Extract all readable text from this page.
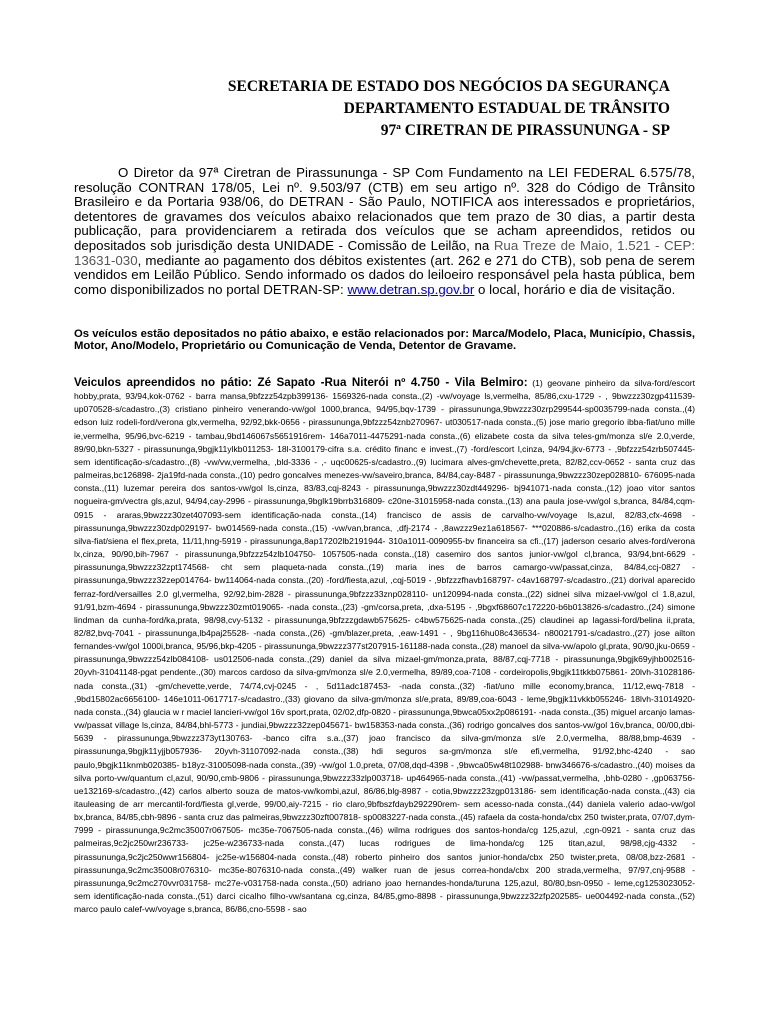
SECRETARIA DE ESTADO DOS NEGÓCIOS DA SEGURANÇA
DEPARTAMENTO ESTADUAL DE TRÂNSITO
97ª CIRETRAN DE PIRASSUNUNGA - SP
O Diretor da 97ª Ciretran de Pirassununga - SP Com Fundamento na LEI FEDERAL 6.575/78, resolução CONTRAN 178/05, Lei nº. 9.503/97 (CTB) em seu artigo nº. 328 do Código de Trânsito Brasileiro e da Portaria 938/06, do DETRAN - São Paulo, NOTIFICA aos interessados e proprietários, detentores de gravames dos veículos abaixo relacionados que tem prazo de 30 dias, a partir desta publicação, para providenciarem a retirada dos veículos que se acham apreendidos, retidos ou depositados sob jurisdição desta UNIDADE - Comissão de Leilão, na Rua Treze de Maio, 1.521 - CEP: 13631-030, mediante ao pagamento dos débitos existentes (art. 262 e 271 do CTB), sob pena de serem vendidos em Leilão Público. Sendo informado os dados do leiloeiro responsável pela hasta pública, bem como disponibilizados no portal DETRAN-SP: www.detran.sp.gov.br o local, horário e dia de visitação.
Os veículos estão depositados no pátio abaixo, e estão relacionados por: Marca/Modelo, Placa, Município, Chassis, Motor, Ano/Modelo, Proprietário ou Comunicação de Venda, Detentor de Gravame.
Veiculos apreendidos no pátio: Zé Sapato -Rua Niterói nº 4.750 - Vila Belmiro: (1) geovane pinheiro da silva-ford/escort hobby,prata, 93/94,kok-0762 - barra mansa,9bfzzz54zpb399136- 1569326-nada consta.,(2) -vw/voyage ls,vermelha, 85/86,cxu-1729 - , 9bwzzz30zgp411539- up070528-s/cadastro.,(3) cristiano pinheiro venerando-vw/gol 1000,branca, 94/95,bqv-1739 - pirassununga,9bwzzz30zrp299544-sp0035799-nada consta.,(4) edson luiz rodeli-ford/verona glx,vermelha, 92/92,bkk-0656 - pirassununga,9bfzzz54znb270967- ut030517-nada consta.,(5) jose mario gregorio ibba-fiat/uno mille ie,vermelha, 95/96,bvc-6219 - tambau,9bd146067s5651916rem- 146a7011-4475291-nada consta.,(6) elizabete costa da silva teles-gm/monza sl/e 2.0,verde, 89/90,bkn-5327 - pirassununga,9bgjk11ylkb011253- 18l-3100179-cifra s.a. crédito financ e invest.,(7) -ford/escort l,cinza, 94/94,jkv-6773 - ,9bfzzz54zrb507445- sem identificação-s/cadastro.,(8) -vw/vw,vermelha, ,bld-3336 - ,- uqc00625-s/cadastro.,(9) lucimara alves-gm/chevette,preta, 82/82,ccv-0652 - santa cruz das palmeiras,bc126898- 2ja19fd-nada consta.,(10) pedro goncalves menezes-vw/saveiro,branca, 84/84,cay-8487 - pirassununga,9bwzzz30zep028810- 676095-nada consta.,(11) luzemar pereira dos santos-vw/gol ls,cinza, 83/83,cqj-8243 - pirassununga,9bwzzz30zdt449296- bj941071-nada consta.,(12) joao vitor santos nogueira-gm/vectra gls,azul, 94/94,cay-2996 - pirassununga,9bglk19brrb316809- c20ne-31015958-nada consta.,(13) ana paula jose-vw/gol s,branca, 84/84,cqm-0915 - araras,9bwzzz30zet407093-sem identificação-nada consta.,(14) francisco de assis de carvalho-vw/voyage ls,azul, 82/83,cfx-4698 - pirassununga,9bwzzz30zdp029197- bw014569-nada consta.,(15) -vw/van,branca, ,dfj-2174 - ,8awzzz9ez1a618567- ***020886-s/cadastro.,(16) erika da costa silva-fiat/siena el flex,preta, 11/11,hng-5919 - pirassununga,8ap17202lb2191944- 310a1011-0090955-bv financeira sa cfi.,(17) jaderson cesario alves-ford/verona lx,cinza, 90/90,bih-7967 - pirassununga,9bfzzz54zlb104750- 1057505-nada consta.,(18) casemiro dos santos junior-vw/gol cl,branca, 93/94,bnt-6629 - pirassununga,9bwzzz32zpt174568- cht sem plaqueta-nada consta.,(19) maria ines de barros camargo-vw/passat,cinza, 84/84,ccj-0827 - pirassununga,9bwzzz32zep014764- bw114064-nada consta.,(20) -ford/fiesta,azul, ,cqj-5019 - ,9bfzzzfhavb168797- c4av168797-s/cadastro.,(21) dorival aparecido ferraz-ford/versailles 2.0 gl,vermelha, 92/92,bim-2828 - pirassununga,9bfzzz33znp028110- un120994-nada consta.,(22) sidnei silva mizael-vw/gol cl 1.8,azul, 91/91,bzm-4694 - pirassununga,9bwzzz30zmt019065- -nada consta.,(23) -gm/corsa,preta, ,dxa-5195 - ,9bgxf68607c172220-b6b013826-s/cadastro.,(24) simone lindman da cunha-ford/ka,prata, 98/98,cvy-5132 - pirassununga,9bfzzzgdawb575625- c4bw575625-nada consta.,(25) claudinei ap lagassi-ford/belina ii,prata, 82/82,bvq-7041 - pirassununga,lb4paj25528- -nada consta.,(26) -gm/blazer,preta, ,eaw-1491 - , 9bg116hu08c436534- n80021791-s/cadastro.,(27) jose ailton fernandes-vw/gol 1000i,branca, 95/96,bkp-4205 - pirassununga,9bwzzz377st207915-161188-nada consta.,(28) manoel da silva-vw/apolo gl,prata, 90/90,jku-0659 - pirassununga,9bwzzz54zlb084108- us012506-nada consta.,(29) daniel da silva mizael-gm/monza,prata, 88/87,cqj-7718 - pirassununga,9bgjk69yjhb002516- 20yvh-31041148-pgat pendente.,(30) marcos cardoso da silva-gm/monza sl/e 2.0,vermelha, 89/89,coa-7108 - cordeiropolis,9bgjk11tkkb075861- 20lvh-31028186-nada consta.,(31) -gm/chevette,verde, 74/74,cvj-0245 - , 5d11adc187453- -nada consta.,(32) -fiat/uno mille economy,branca, 11/12,ewq-7818 - ,9bd15802ac6656100- 146e1011-0617717-s/cadastro.,(33) giovano da silva-gm/monza sl/e,prata, 89/89,coa-6043 - leme,9bgjk11vkkb055246- 18lvh-31014920-nada consta.,(34) glaucia w r maciel lancieri-vw/gol 16v sport,prata, 02/02,dfp-0820 - pirassununga,9bwca05xx2p086191- -nada consta.,(35) miguel arcanjo lamas-vw/passat village ls,cinza, 84/84,bhl-5773 - jundiai,9bwzzz32zep045671- bw158353-nada consta.,(36) rodrigo goncalves dos santos-vw/gol 16v,branca, 00/00,dbi-5639 - pirassununga,9bwzzz373yt130763- -banco cifra s.a.,(37) joao francisco da silva-gm/monza sl/e 2.0,vermelha, 88/88,bmp-4639 - pirassununga,9bgjk11yjjb057936- 20yvh-31107092-nada consta.,(38) hdi seguros sa-gm/monza sl/e efi,vermelha, 91/92,bhc-4240 - sao paulo,9bgjk11knmb020385- b18yz-31005098-nada consta.,(39) -vw/gol 1.0,preta, 07/08,dqd-4398 - ,9bwca05w48t102988- bnw346676-s/cadastro.,(40) moises da silva porto-vw/quantum cl,azul, 90/90,cmb-9806 - pirassununga,9bwzzz33zlp003718- up464965-nada consta.,(41) -vw/passat,vermelha, ,bhb-0280 - ,gp063756- ue132169-s/cadastro.,(42) carlos alberto souza de matos-vw/kombi,azul, 86/86,blg-8987 - cotia,9bwzzz23zgp013186- sem identificação-nada consta.,(43) cia itauleasing de arr mercantil-ford/fiesta gl,verde, 99/00,aiy-7215 - rio claro,9bfbszfdayb292290rem- sem acesso-nada consta.,(44) daniela valerio adao-vw/gol bx,branca, 84/85,cbh-9896 - santa cruz das palmeiras,9bwzzz30zft007818- sp0083227-nada consta.,(45) rafaela da costa-honda/cbx 250 twister,prata, 07/07,dym-7999 - pirassununga,9c2mc35007r067505- mc35e-7067505-nada consta.,(46) wilma rodrigues dos santos-honda/cg 125,azul, ,cgn-0921 - santa cruz das palmeiras,9c2jc250wr236733- jc25e-w236733-nada consta.,(47) lucas rodrigues de lima-honda/cg 125 titan,azul, 98/98,cjg-4332 - pirassununga,9c2jc250wwr156804- jc25e-w156804-nada consta.,(48) roberto pinheiro dos santos junior-honda/cbx 250 twister,preta, 08/08,bzz-2681 - pirassununga,9c2mc35008r076310- mc35e-8076310-nada consta.,(49) walker ruan de jesus correa-honda/cbx 200 strada,vermelha, 97/97,cnj-9588 - pirassununga,9c2mc270vvr031758- mc27e-v031758-nada consta.,(50) adriano joao hernandes-honda/turuna 125,azul, 80/80,bsn-0950 - leme,cg1253023052- sem identificação-nada consta.,(51) darci cicalho filho-vw/santana cg,cinza, 84/85,gmo-8898 - pirassununga,9bwzzz32zfp202585- ue004492-nada consta.,(52) marco paulo calef-vw/voyage s,branca, 86/86,cno-5598 - sao
